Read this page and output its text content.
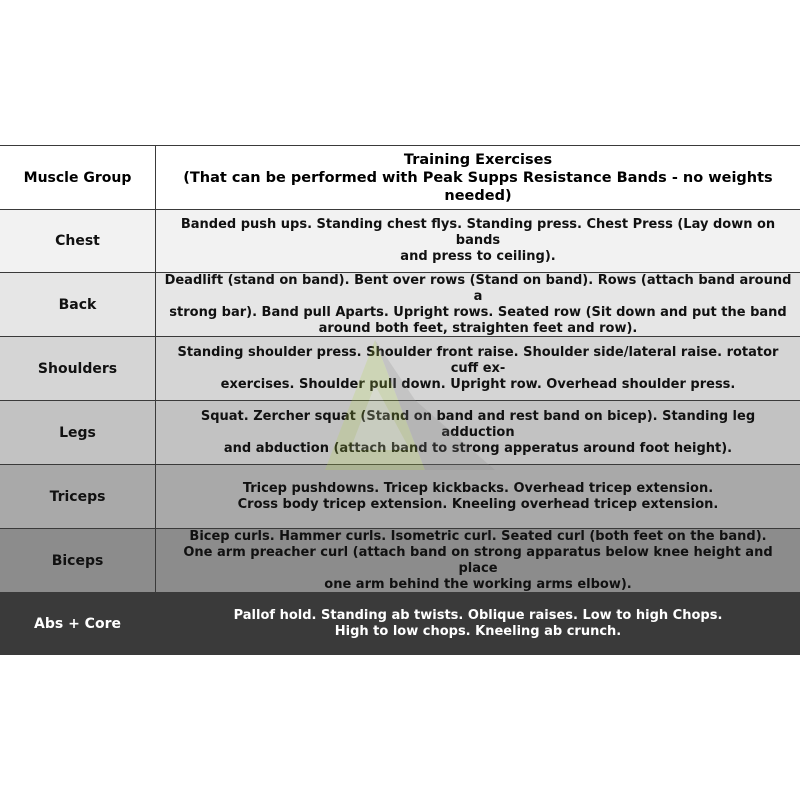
Muscle Group
Training Exercises
(That can be performed with Peak Supps Resistance Bands - no weights needed)
Chest
Banded push ups. Standing chest flys. Standing press. Chest Press (Lay down on bands
and press to ceiling).
Back
Deadlift (stand on band). Bent over rows (Stand on band). Rows (attach band around a
strong bar). Band pull Aparts. Upright rows. Seated row (Sit down and put the band
around both feet, straighten feet and row).
Shoulders
Standing shoulder press. Shoulder front raise. Shoulder side/lateral raise. rotator cuff ex-
exercises. Shoulder pull down. Upright row. Overhead shoulder press.
Legs
Squat. Zercher squat (Stand on band and rest band on bicep). Standing leg adduction
and abduction (attach band to strong apperatus around foot height).
Triceps
Tricep pushdowns. Tricep kickbacks. Overhead tricep extension.
Cross body tricep extension. Kneeling overhead tricep extension.
Biceps
Bicep curls. Hammer curls. Isometric curl. Seated curl (both feet on the band).
One arm preacher curl (attach band on strong apparatus below knee height and place
one arm behind the working arms elbow).
Abs + Core
Pallof hold. Standing ab twists. Oblique raises. Low to high Chops.
High to low chops. Kneeling ab crunch.
